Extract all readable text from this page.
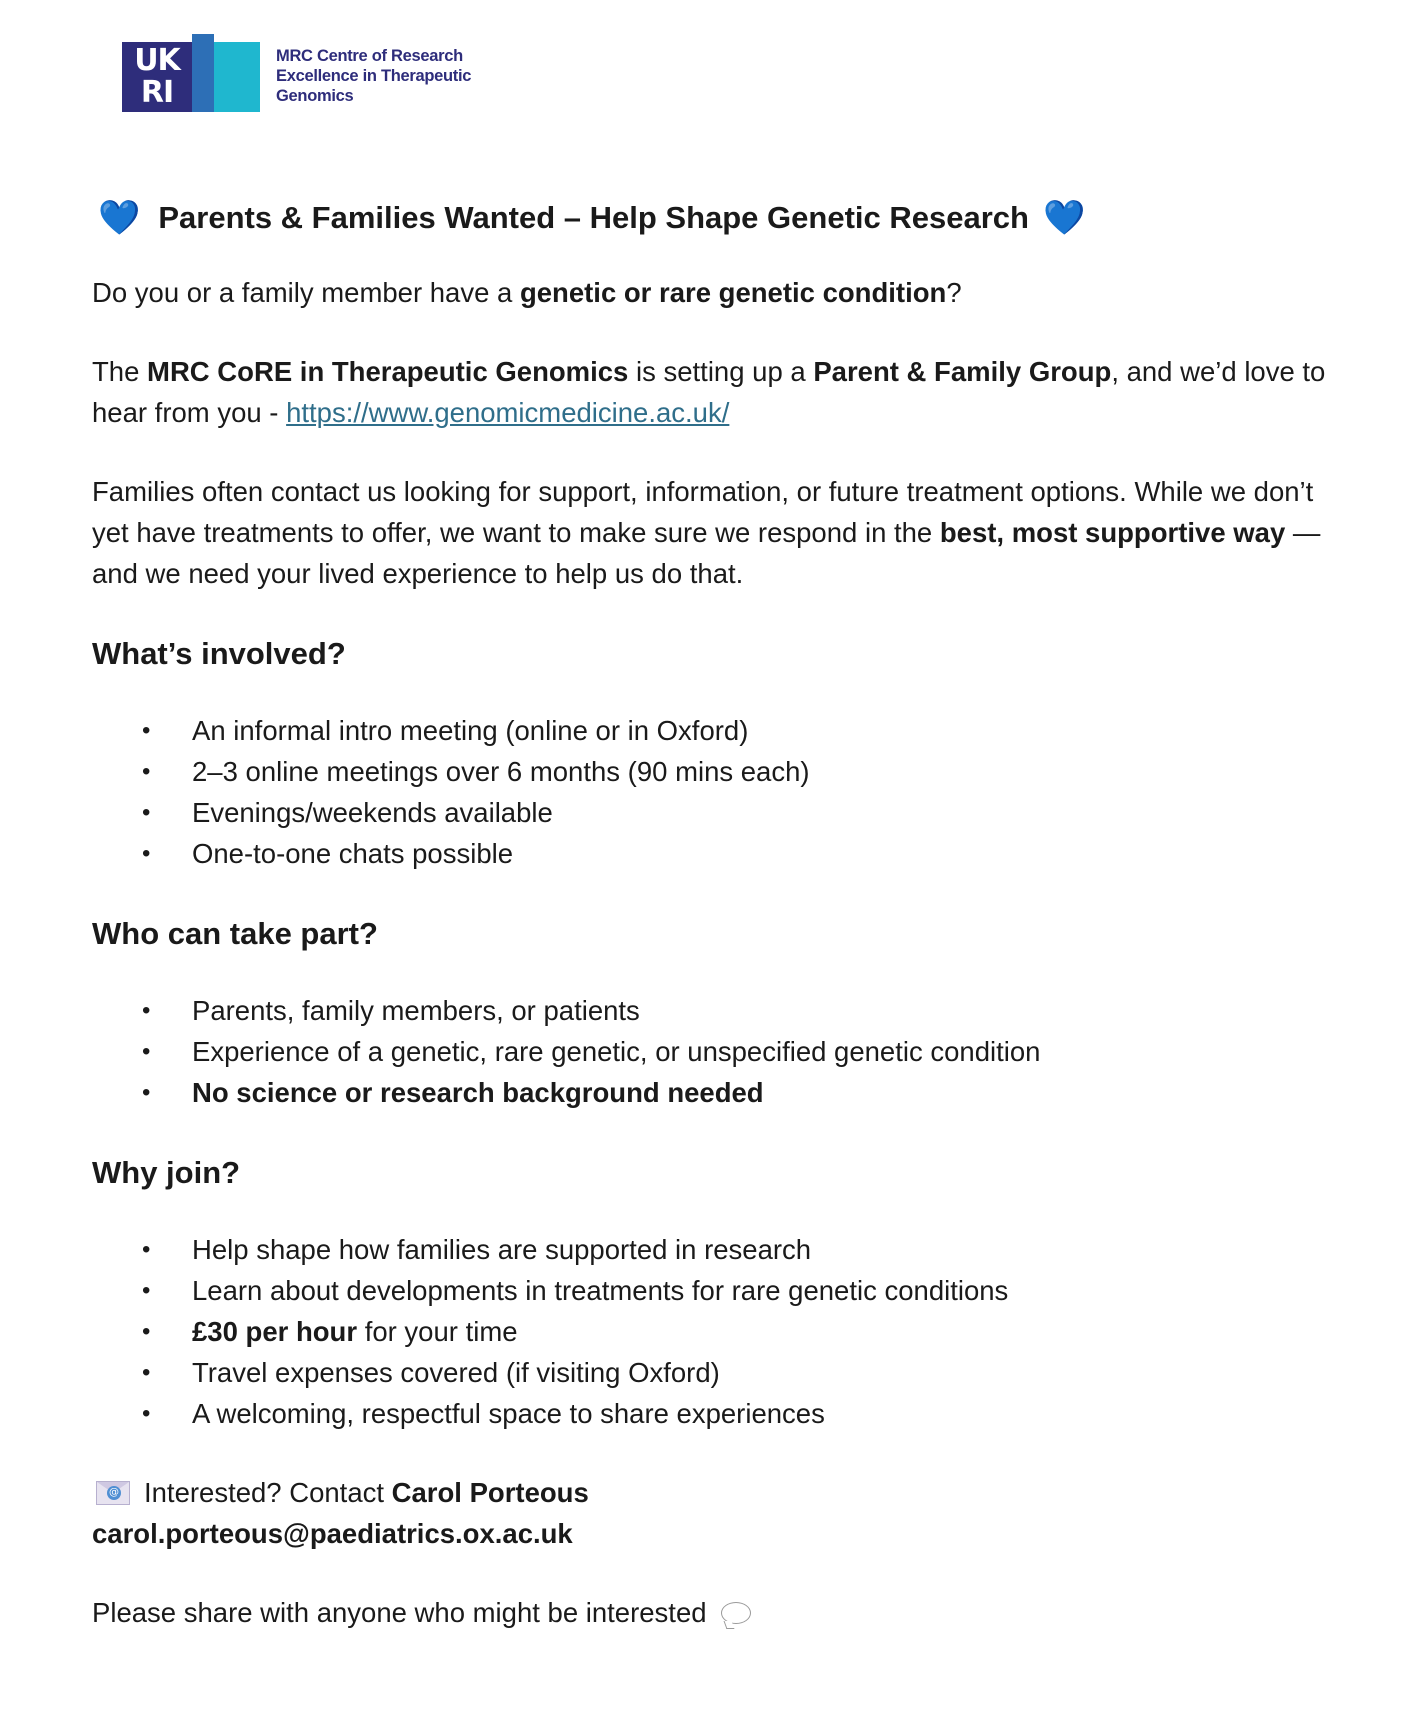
UK
RI
MRC Centre of Research
Excellence in Therapeutic
Genomics
💙 Parents & Families Wanted – Help Shape Genetic Research 💙

Do you or a family member have a genetic or rare genetic condition?

The MRC CoRE in Therapeutic Genomics is setting up a Parent & Family Group, and we’d love to hear from you - https://www.genomicmedicine.ac.uk/

Families often contact us looking for support, information, or future treatment options. While we don’t yet have treatments to offer, we want to make sure we respond in the best, most supportive way — and we need your lived experience to help us do that.

What’s involved?
• An informal intro meeting (online or in Oxford)
• 2–3 online meetings over 6 months (90 mins each)
• Evenings/weekends available
• One-to-one chats possible
Who can take part?
• Parents, family members, or patients
• Experience of a genetic, rare genetic, or unspecified genetic condition
• No science or research background needed
Why join?
• Help shape how families are supported in research
• Learn about developments in treatments for rare genetic conditions
• £30 per hour for your time
• Travel expenses covered (if visiting Oxford)
• A welcoming, respectful space to share experiences
@ Interested? Contact
Carol Porteous
carol.porteous@paediatrics.ox.ac.uk
Please share with anyone who might be interested
